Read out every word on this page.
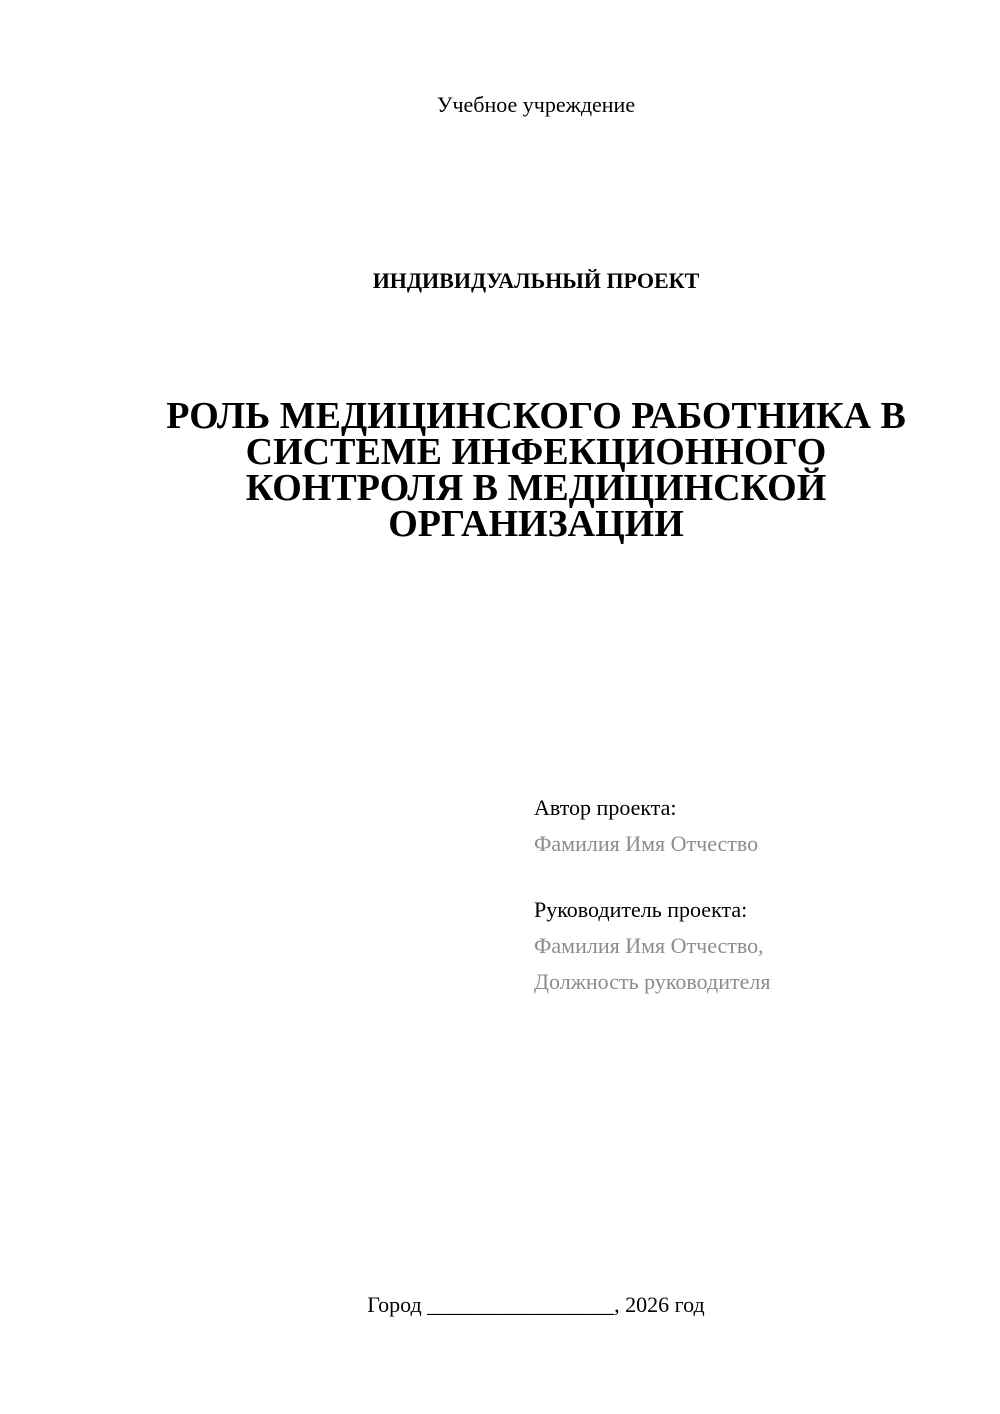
Учебное учреждение
ИНДИВИДУАЛЬНЫЙ ПРОЕКТ
РОЛЬ МЕДИЦИНСКОГО РАБОТНИКА В
СИСТЕМЕ ИНФЕКЦИОННОГО
КОНТРОЛЯ В МЕДИЦИНСКОЙ
ОРГАНИЗАЦИИ
Автор проекта:
Фамилия Имя Отчество
Руководитель проекта:
Фамилия Имя Отчество,
Должность руководителя
Город _________________, 2026 год
